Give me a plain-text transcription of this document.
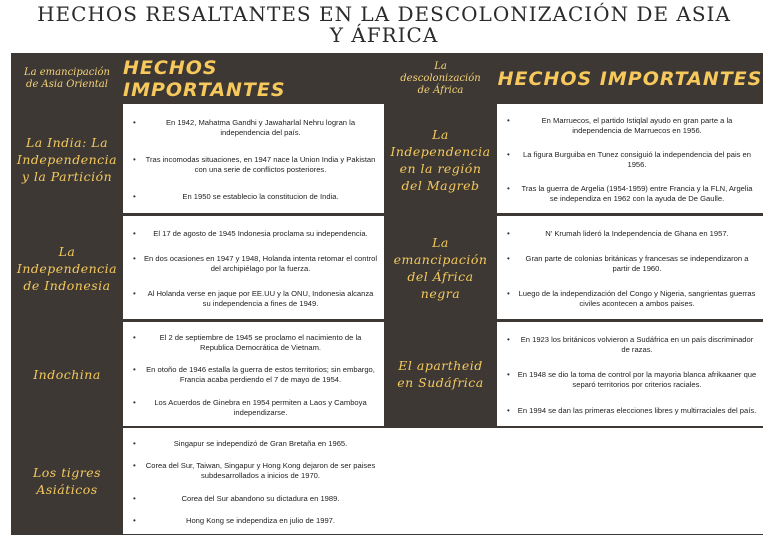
HECHOS RESALTANTES EN LA DESCOLONIZACIÓN DE ASIA
Y ÁFRICA
La emancipación de Asia Oriental
HECHOS IMPORTANTES
La descolonización de África
HECHOS IMPORTANTES
La India: La Independencia y la Partición
La Independencia de Indonesia
Indochina
Los tigres Asiáticos
• En 1942, Mahatma Gandhi y Jawaharlal Nehru logran la independencia del país.
• Tras incomodas situaciones, en 1947 nace la Union India y Pakistan con una serie de conflictos posteriores.
• En 1950 se establecio la constitucion de India.
• El 17 de agosto de 1945 Indonesia proclama su independencia.
• En dos ocasiones en 1947 y 1948, Holanda intenta retomar el control del archipiélago por la fuerza.
• Al Holanda verse en jaque por EE.UU y la ONU, Indonesia alcanza su independencia a fines de 1949.
• El 2 de septiembre de 1945 se proclamo el nacimiento de la Republica Democrática de Vietnam.
• En otoño de 1946 estalla la guerra de estos territorios; sin embargo, Francia acaba perdiendo el 7 de mayo de 1954.
• Los Acuerdos de Ginebra en 1954 permiten a Laos y Camboya independizarse.
• Singapur se independizó de Gran Bretaña en 1965.
• Corea del Sur, Taiwan, Singapur y Hong Kong dejaron de ser paises subdesarrollados a inicios de 1970.
• Corea del Sur abandono su dictadura en 1989.
• Hong Kong se independiza en julio de 1997.
La Independencia en la región del Magreb
La emancipación del África negra
El apartheid en Sudáfrica
• En Marruecos, el partido Istiqlal ayudo en gran parte a la independencia de Marruecos en 1956.
• La figura Burguiba en Tunez consiguió la independencia del pais en 1956.
• Tras la guerra de Argelia (1954-1959) entre Francia y la FLN, Argelia se independiza en 1962 con la ayuda de De Gaulle.
• N' Krumah lideró la Independencia de Ghana en 1957.
• Gran parte de colonias británicas y francesas se independizaron a partir de 1960.
• Luego de la independización del Congo y Nigeria, sangrientas guerras civiles acontecen a ambos paises.
• En 1923 los británicos volvieron a Sudáfrica en un país discriminador de razas.
• En 1948 se dio la toma de control por la mayoria blanca afrikaaner que separó territorios por criterios raciales.
• En 1994 se dan las primeras elecciones libres y multirraciales del país.
